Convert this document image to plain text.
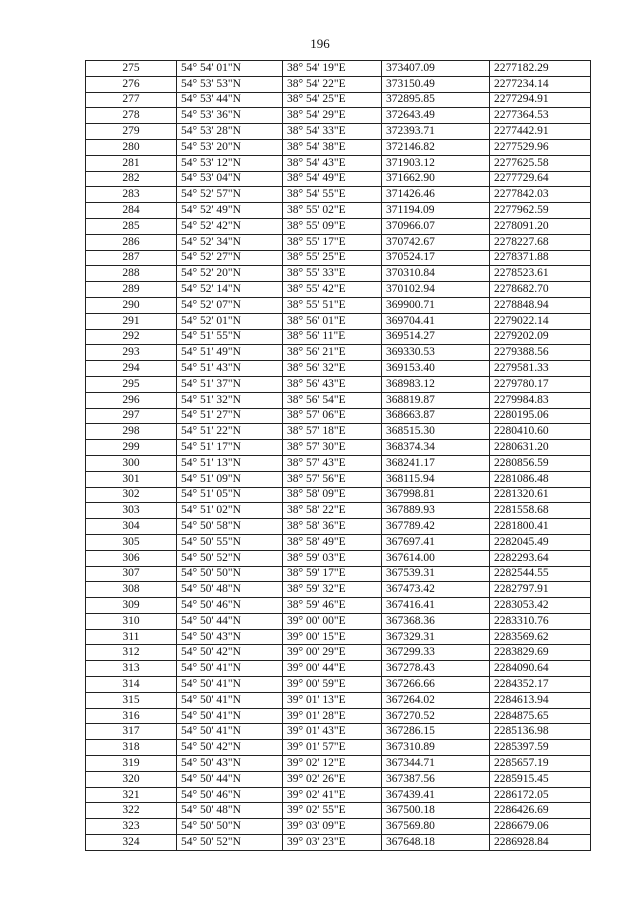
196
275	54° 54' 01"N	38° 54' 19"E	373407.09	2277182.29
276	54° 53' 53"N	38° 54' 22"E	373150.49	2277234.14
277	54° 53' 44"N	38° 54' 25"E	372895.85	2277294.91
278	54° 53' 36"N	38° 54' 29"E	372643.49	2277364.53
279	54° 53' 28"N	38° 54' 33"E	372393.71	2277442.91
280	54° 53' 20"N	38° 54' 38"E	372146.82	2277529.96
281	54° 53' 12"N	38° 54' 43"E	371903.12	2277625.58
282	54° 53' 04"N	38° 54' 49"E	371662.90	2277729.64
283	54° 52' 57"N	38° 54' 55"E	371426.46	2277842.03
284	54° 52' 49"N	38° 55' 02"E	371194.09	2277962.59
285	54° 52' 42"N	38° 55' 09"E	370966.07	2278091.20
286	54° 52' 34"N	38° 55' 17"E	370742.67	2278227.68
287	54° 52' 27"N	38° 55' 25"E	370524.17	2278371.88
288	54° 52' 20"N	38° 55' 33"E	370310.84	2278523.61
289	54° 52' 14"N	38° 55' 42"E	370102.94	2278682.70
290	54° 52' 07"N	38° 55' 51"E	369900.71	2278848.94
291	54° 52' 01"N	38° 56' 01"E	369704.41	2279022.14
292	54° 51' 55"N	38° 56' 11"E	369514.27	2279202.09
293	54° 51' 49"N	38° 56' 21"E	369330.53	2279388.56
294	54° 51' 43"N	38° 56' 32"E	369153.40	2279581.33
295	54° 51' 37"N	38° 56' 43"E	368983.12	2279780.17
296	54° 51' 32"N	38° 56' 54"E	368819.87	2279984.83
297	54° 51' 27"N	38° 57' 06"E	368663.87	2280195.06
298	54° 51' 22"N	38° 57' 18"E	368515.30	2280410.60
299	54° 51' 17"N	38° 57' 30"E	368374.34	2280631.20
300	54° 51' 13"N	38° 57' 43"E	368241.17	2280856.59
301	54° 51' 09"N	38° 57' 56"E	368115.94	2281086.48
302	54° 51' 05"N	38° 58' 09"E	367998.81	2281320.61
303	54° 51' 02"N	38° 58' 22"E	367889.93	2281558.68
304	54° 50' 58"N	38° 58' 36"E	367789.42	2281800.41
305	54° 50' 55"N	38° 58' 49"E	367697.41	2282045.49
306	54° 50' 52"N	38° 59' 03"E	367614.00	2282293.64
307	54° 50' 50"N	38° 59' 17"E	367539.31	2282544.55
308	54° 50' 48"N	38° 59' 32"E	367473.42	2282797.91
309	54° 50' 46"N	38° 59' 46"E	367416.41	2283053.42
310	54° 50' 44"N	39° 00' 00"E	367368.36	2283310.76
311	54° 50' 43"N	39° 00' 15"E	367329.31	2283569.62
312	54° 50' 42"N	39° 00' 29"E	367299.33	2283829.69
313	54° 50' 41"N	39° 00' 44"E	367278.43	2284090.64
314	54° 50' 41"N	39° 00' 59"E	367266.66	2284352.17
315	54° 50' 41"N	39° 01' 13"E	367264.02	2284613.94
316	54° 50' 41"N	39° 01' 28"E	367270.52	2284875.65
317	54° 50' 41"N	39° 01' 43"E	367286.15	2285136.98
318	54° 50' 42"N	39° 01' 57"E	367310.89	2285397.59
319	54° 50' 43"N	39° 02' 12"E	367344.71	2285657.19
320	54° 50' 44"N	39° 02' 26"E	367387.56	2285915.45
321	54° 50' 46"N	39° 02' 41"E	367439.41	2286172.05
322	54° 50' 48"N	39° 02' 55"E	367500.18	2286426.69
323	54° 50' 50"N	39° 03' 09"E	367569.80	2286679.06
324	54° 50' 52"N	39° 03' 23"E	367648.18	2286928.84
